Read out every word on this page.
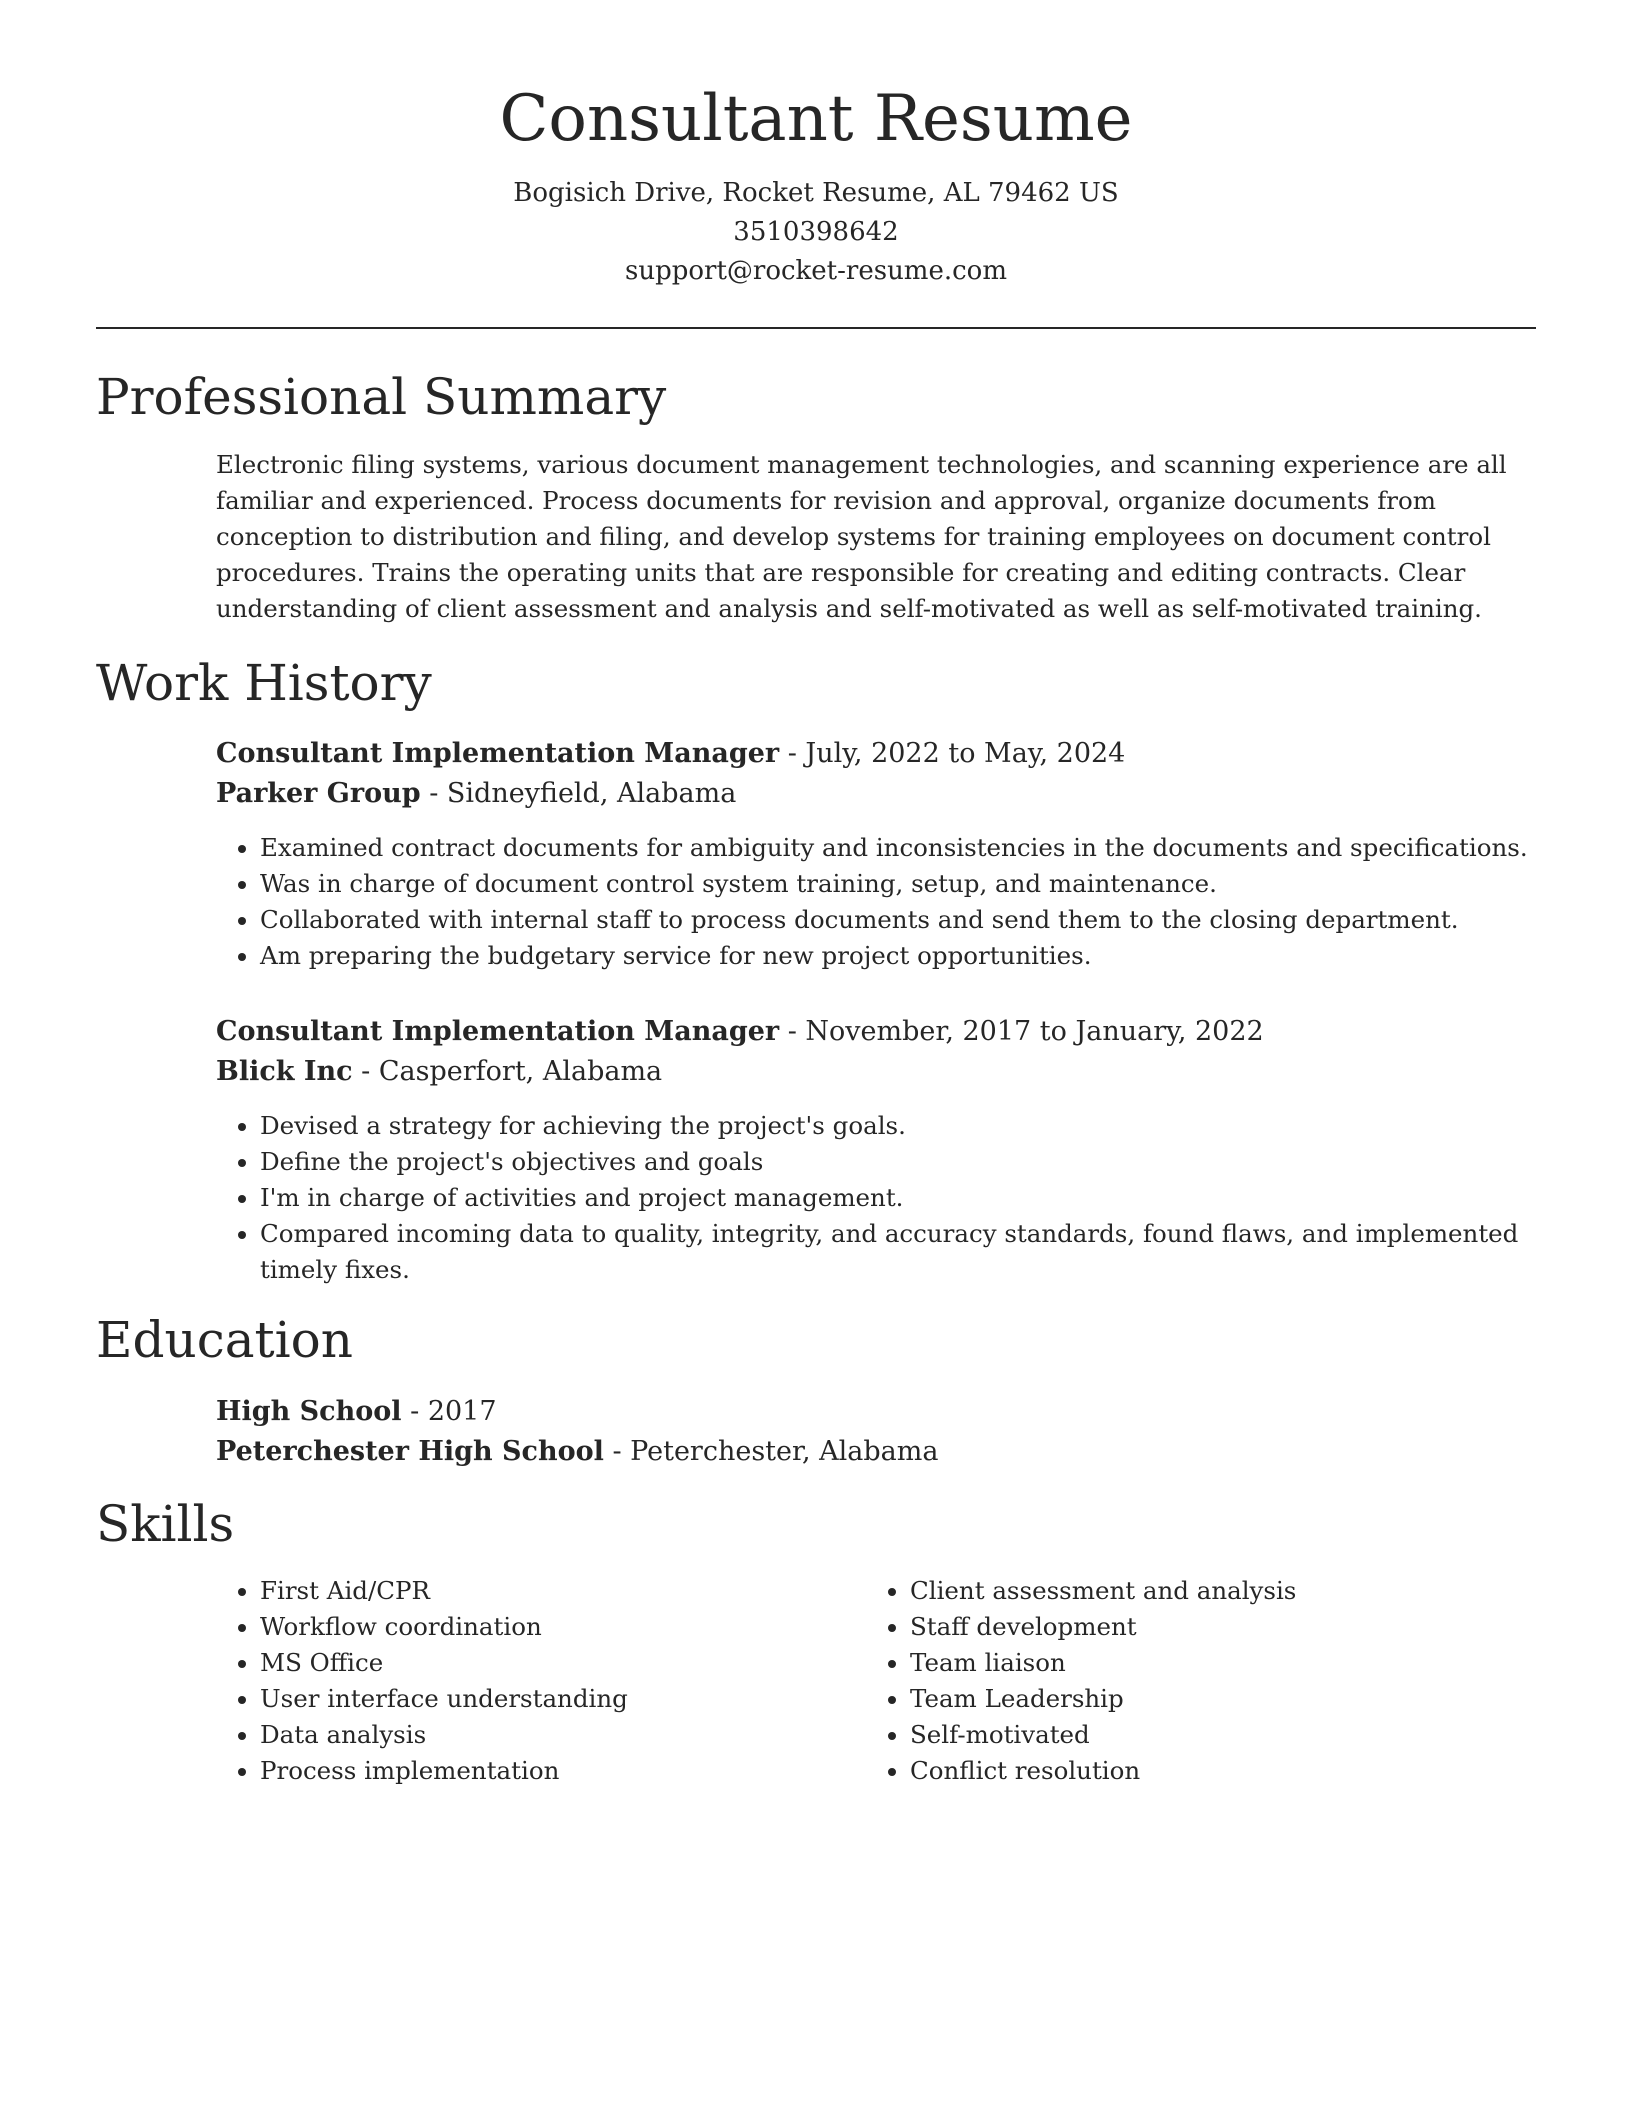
Consultant Resume
Bogisich Drive, Rocket Resume, AL 79462 US
3510398642
support@rocket-resume.com
Professional Summary
Electronic filing systems, various document management technologies, and scanning experience are all familiar and experienced. Process documents for revision and approval, organize documents from conception to distribution and filing, and develop systems for training employees on document control procedures. Trains the operating units that are responsible for creating and editing contracts. Clear understanding of client assessment and analysis and self-motivated as well as self-motivated training.
Work History
Consultant Implementation Manager - July, 2022 to May, 2024
Parker Group - Sidneyfield, Alabama
• Examined contract documents for ambiguity and inconsistencies in the documents and specifications.
• Was in charge of document control system training, setup, and maintenance.
• Collaborated with internal staff to process documents and send them to the closing department.
• Am preparing the budgetary service for new project opportunities.
Consultant Implementation Manager - November, 2017 to January, 2022
Blick Inc - Casperfort, Alabama
• Devised a strategy for achieving the project's goals.
• Define the project's objectives and goals
• I'm in charge of activities and project management.
• Compared incoming data to quality, integrity, and accuracy standards, found flaws, and implemented timely fixes.
Education
High School - 2017
Peterchester High School - Peterchester, Alabama
Skills
• First Aid/CPR
• Workflow coordination
• MS Office
• User interface understanding
• Data analysis
• Process implementation
• Client assessment and analysis
• Staff development
• Team liaison
• Team Leadership
• Self-motivated
• Conflict resolution
